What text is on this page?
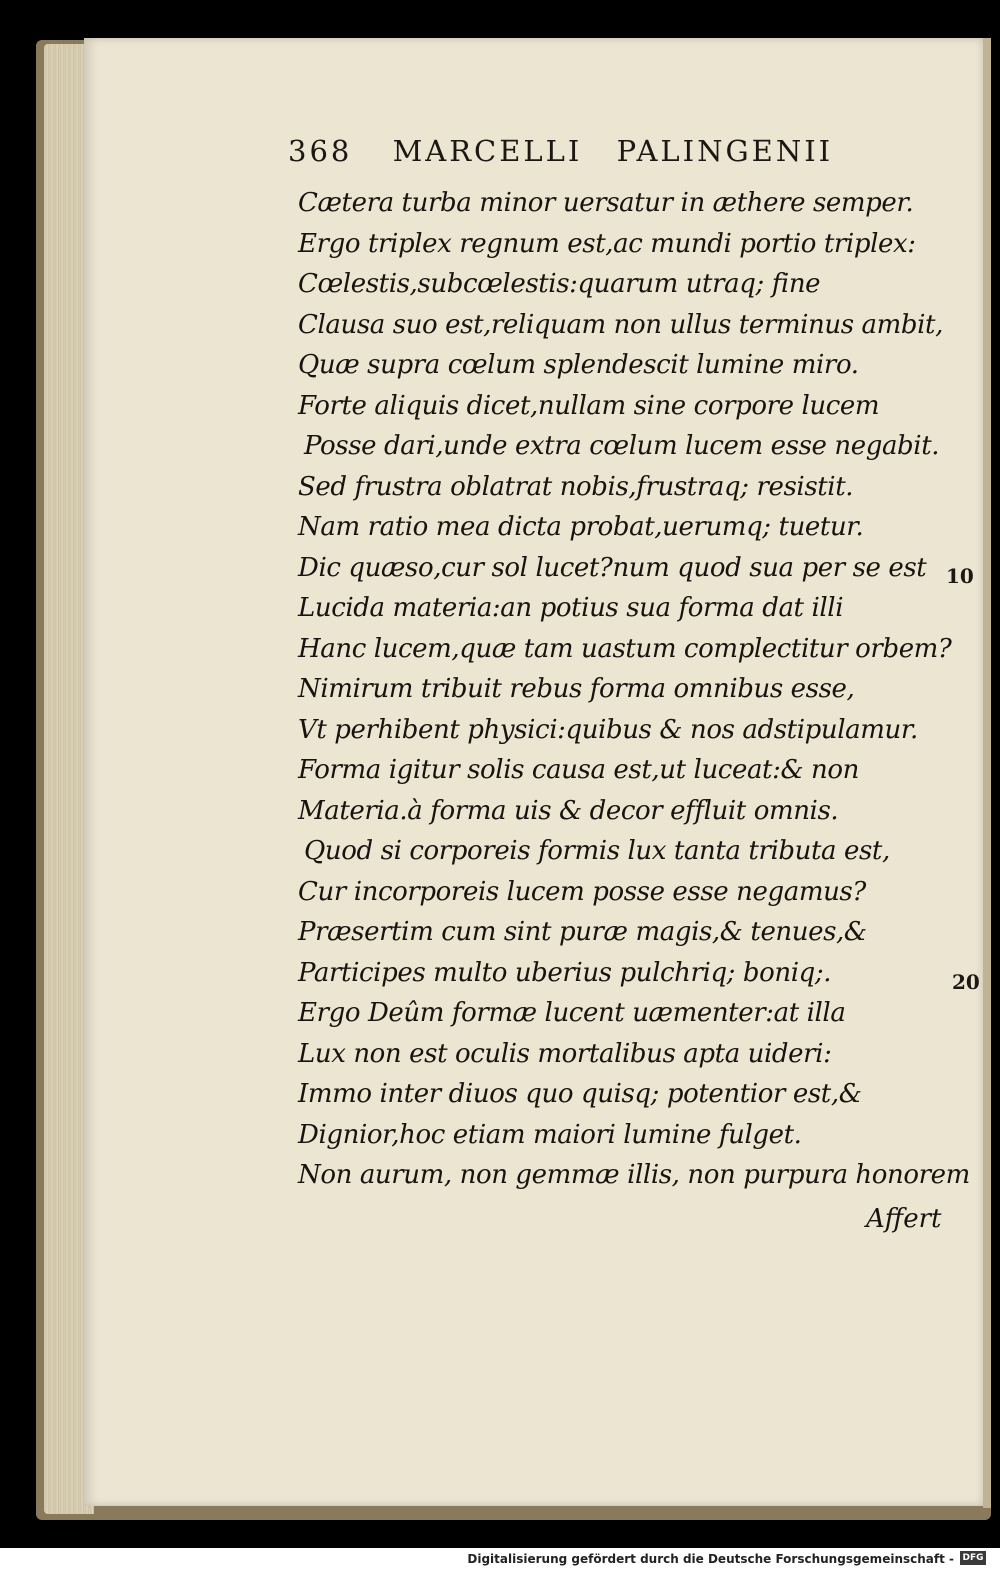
368 MARCELLI PALINGENII
Cætera turba minor uersatur in æthere semper.
Ergo triplex regnum est,ac mundi portio triplex:
Cœlestis,subcœlestis:quarum utraq; fine
Clausa suo est,reliquam non ullus terminus ambit,
Quæ supra cœlum splendescit lumine miro.
Forte aliquis dicet,nullam sine corpore lucem
Posse dari,unde extra cœlum lucem esse negabit.
Sed frustra oblatrat nobis,frustraq; resistit.
Nam ratio mea dicta probat,uerumq; tuetur.
Dic quæso,cur sol lucet?num quod sua per se est
Lucida materia:an potius sua forma dat illi
Hanc lucem,quæ tam uastum complectitur orbem?
Nimirum tribuit rebus forma omnibus esse,
Vt perhibent physici:quibus & nos adstipulamur.
Forma igitur solis causa est,ut luceat:& non
Materia.à forma uis & decor effluit omnis.
Quod si corporeis formis lux tanta tributa est,
Cur incorporeis lucem posse esse negamus?
Præsertim cum sint puræ magis,& tenues,&
Participes multo uberius pulchriq; boniq;.
Ergo Deûm formæ lucent uæmenter:at illa
Lux non est oculis mortalibus apta uideri:
Immo inter diuos quo quisq; potentior est,&
Dignior,hoc etiam maiori lumine fulget.
Non aurum, non gemmæ illis, non purpura honorem
10
20
Affert
Digitalisierung gefördert durch die Deutsche Forschungsgemeinschaft - DFG
